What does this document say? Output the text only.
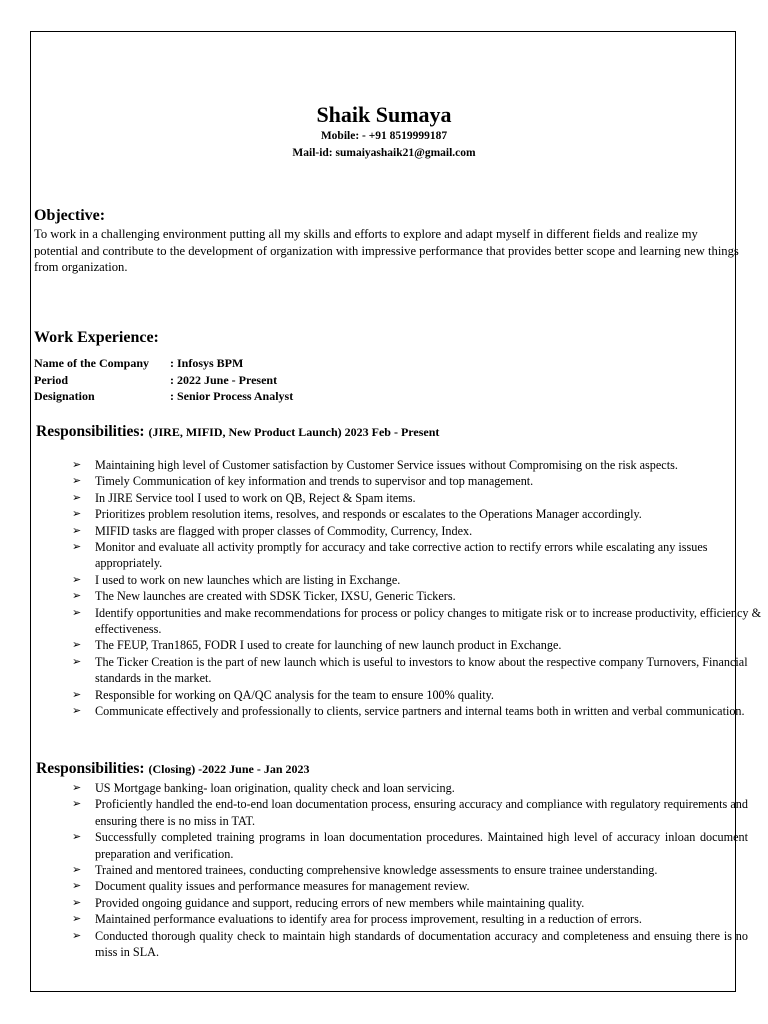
Shaik Sumaya
Mobile: - +91 8519999187
Mail-id: sumaiyashaik21@gmail.com
Objective:
To work in a challenging environment putting all my skills and efforts to explore and adapt myself in different fields and realize my potential and contribute to the development of organization with impressive performance that provides better scope and learning new things from organization.
Work Experience:
Name of the Company	: Infosys BPM
Period	: 2022 June - Present
Designation	: Senior Process Analyst
Responsibilities: (JIRE, MIFID, New Product Launch) 2023 Feb - Present
➢ Maintaining high level of Customer satisfaction by Customer Service issues without Compromising on the risk aspects.
➢ Timely Communication of key information and trends to supervisor and top management.
➢ In JIRE Service tool I used to work on QB, Reject & Spam items.
➢ Prioritizes problem resolution items, resolves, and responds or escalates to the Operations Manager accordingly.
➢ MIFID tasks are flagged with proper classes of Commodity, Currency, Index.
➢ Monitor and evaluate all activity promptly for accuracy and take corrective action to rectify errors while escalating any issues appropriately.
➢ I used to work on new launches which are listing in Exchange.
➢ The New launches are created with SDSK Ticker, IXSU, Generic Tickers.
➢ Identify opportunities and make recommendations for process or policy changes to mitigate risk or to increase productivity, efficiency & effectiveness.
➢ The FEUP, Tran1865, FODR I used to create for launching of new launch product in Exchange.
➢ The Ticker Creation is the part of new launch which is useful to investors to know about the respective company Turnovers, Financial standards in the market.
➢ Responsible for working on QA/QC analysis for the team to ensure 100% quality.
➢ Communicate effectively and professionally to clients, service partners and internal teams both in written and verbal communication.
Responsibilities: (Closing) -2022 June - Jan 2023
➢ US Mortgage banking- loan origination, quality check and loan servicing.
➢ Proficiently handled the end-to-end loan documentation process, ensuring accuracy and compliance with regulatory requirements and ensuring there is no miss in TAT.
➢ Successfully completed training programs in loan documentation procedures. Maintained high level of accuracy inloan document preparation and verification.
➢ Trained and mentored trainees, conducting comprehensive knowledge assessments to ensure trainee understanding.
➢ Document quality issues and performance measures for management review.
➢ Provided ongoing guidance and support, reducing errors of new members while maintaining quality.
➢ Maintained performance evaluations to identify area for process improvement, resulting in a reduction of errors.
➢ Conducted thorough quality check to maintain high standards of documentation accuracy and completeness and ensuing there is no miss in SLA.
